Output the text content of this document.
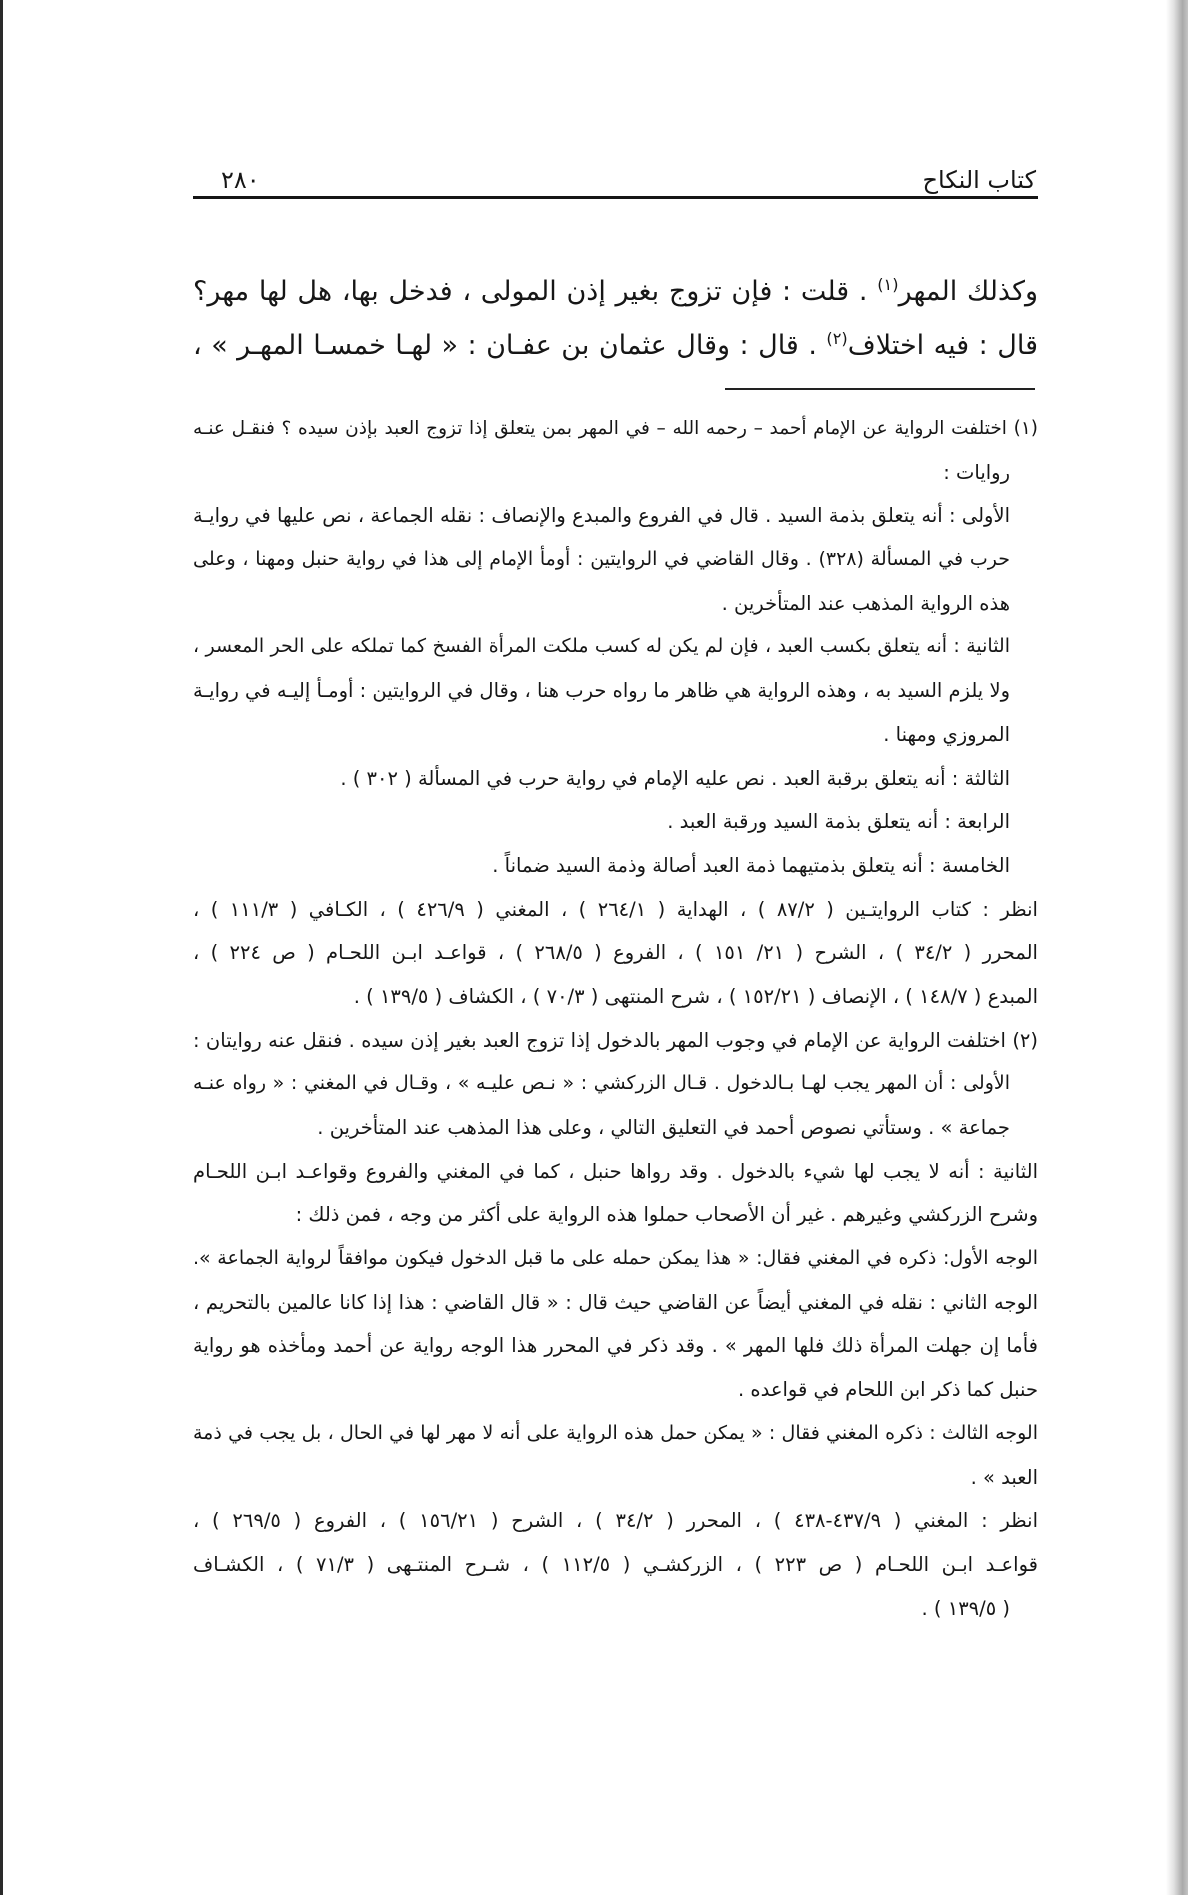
كتاب النكاح
٢٨٠
وكذلك المهر$^{(١)}$ . قلت : فإن تزوج بغير إذن المولى ، فدخل بها، هل لها مهر؟
قال : فيه اختلاف$^{(٢)}$ . قال : وقال عثمان بن عفـان : « لهـا خمسـا المهـر » ،
(١) اختلفت الرواية عن الإمام أحمد – رحمه الله – في المهر بمن يتعلق إذا تزوج العبد بإذن سيده ؟ فنقـل عنـه
روايات :
الأولى : أنه يتعلق بذمة السيد . قال في الفروع والمبدع والإنصاف : نقله الجماعة ، نص عليها في روايـة
حرب في المسألة (٣٢٨) . وقال القاضي في الروايتين : أومأ الإمام إلى هذا في رواية حنبل ومهنا ، وعلى
هذه الرواية المذهب عند المتأخرين .
الثانية : أنه يتعلق بكسب العبد ، فإن لم يكن له كسب ملكت المرأة الفسخ كما تملكه على الحر المعسر ،
ولا يلزم السيد به ، وهذه الرواية هي ظاهر ما رواه حرب هنا ، وقال في الروايتين : أومـأ إليـه في روايـة
المروزي ومهنا .
الثالثة : أنه يتعلق برقبة العبد . نص عليه الإمام في رواية حرب في المسألة ( ٣٠٢ ) .
الرابعة : أنه يتعلق بذمة السيد ورقبة العبد .
الخامسة : أنه يتعلق بذمتيهما ذمة العبد أصالة وذمة السيد ضماناً .
انظر : كتاب الروايتـين ( ٨٧/٢ ) ، الهداية ( ٢٦٤/١ ) ، المغني ( ٤٢٦/٩ ) ، الكـافي ( ١١١/٣ ) ،
المحرر ( ٣٤/٢ ) ، الشرح ( ٢١/ ١٥١ ) ، الفروع ( ٢٦٨/٥ ) ، قواعـد ابـن اللحـام ( ص ٢٢٤ ) ،
المبدع ( ١٤٨/٧ ) ، الإنصاف ( ١٥٢/٢١ ) ، شرح المنتهى ( ٧٠/٣ ) ، الكشاف ( ١٣٩/٥ ) .
(٢) اختلفت الرواية عن الإمام في وجوب المهر بالدخول إذا تزوج العبد بغير إذن سيده . فنقل عنه روايتان :
الأولى : أن المهر يجب لهـا بـالدخول . قـال الزركشي : « نـص عليـه » ، وقـال في المغني : « رواه عنـه
جماعة » . وستأتي نصوص أحمد في التعليق التالي ، وعلى هذا المذهب عند المتأخرين .
الثانية : أنه لا يجب لها شيء بالدخول . وقد رواها حنبل ، كما في المغني والفروع وقواعـد ابـن اللحـام
وشرح الزركشي وغيرهم . غير أن الأصحاب حملوا هذه الرواية على أكثر من وجه ، فمن ذلك :
الوجه الأول: ذكره في المغني فقال: « هذا يمكن حمله على ما قبل الدخول فيكون موافقاً لرواية الجماعة ».
الوجه الثاني : نقله في المغني أيضاً عن القاضي حيث قال : « قال القاضي : هذا إذا كانا عالمين بالتحريم ،
فأما إن جهلت المرأة ذلك فلها المهر » . وقد ذكر في المحرر هذا الوجه رواية عن أحمد ومأخذه هو رواية
حنبل كما ذكر ابن اللحام في قواعده .
الوجه الثالث : ذكره المغني فقال : « يمكن حمل هذه الرواية على أنه لا مهر لها في الحال ، بل يجب في ذمة
العبد » .
انظر : المغني ( ٤٣٧/٩-٤٣٨ ) ، المحرر ( ٣٤/٢ ) ، الشرح ( ١٥٦/٢١ ) ، الفروع ( ٢٦٩/٥ ) ،
قواعـد ابـن اللحـام ( ص ٢٢٣ ) ، الزركشـي ( ١١٢/٥ ) ، شـرح المنتـهى ( ٧١/٣ ) ، الكشـاف
( ١٣٩/٥ ) .
